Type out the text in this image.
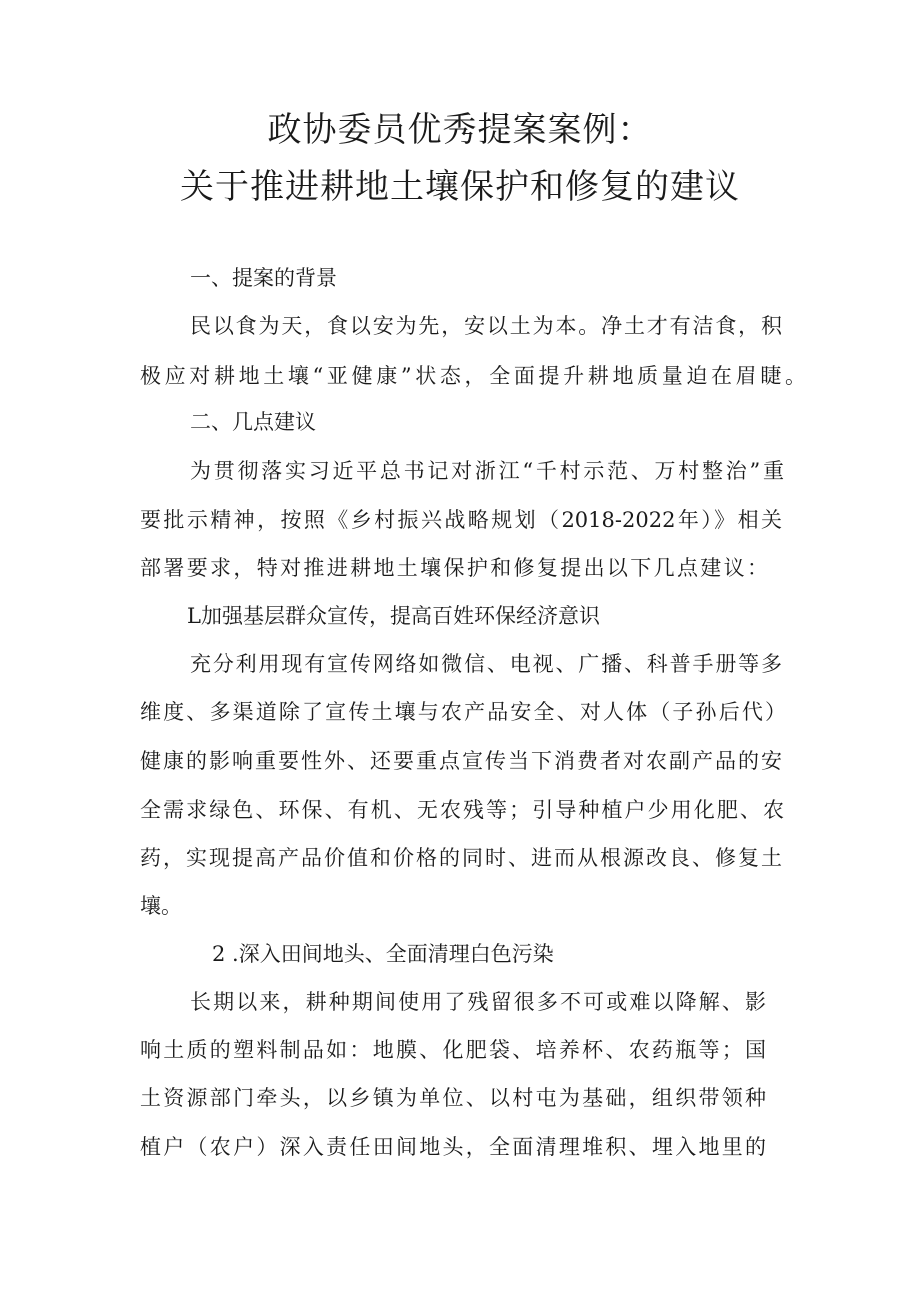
政协委员优秀提案案例：
关于推进耕地土壤保护和修复的建议
一、提案的背景
民以食为天，食以安为先，安以土为本。净土才有洁食，积
极应对耕地土壤“亚健康”状态，全面提升耕地质量迫在眉睫。
二、几点建议
为贯彻落实习近平总书记对浙江“千村示范、万村整治”重
要批示精神，按照《乡村振兴战略规划（2018-2022年）》相关
部署要求，特对推进耕地土壤保护和修复提出以下几点建议：
L加强基层群众宣传，提高百姓环保经济意识
充分利用现有宣传网络如微信、电视、广播、科普手册等多
维度、多渠道除了宣传土壤与农产品安全、对人体（子孙后代）
健康的影响重要性外、还要重点宣传当下消费者对农副产品的安
全需求绿色、环保、有机、无农残等；引导种植户少用化肥、农
药，实现提高产品价值和价格的同时、进而从根源改良、修复土
壤。
2 .深入田间地头、全面清理白色污染
长期以来，耕种期间使用了残留很多不可或难以降解、影
响土质的塑料制品如：地膜、化肥袋、培养杯、农药瓶等；国
土资源部门牵头，以乡镇为单位、以村屯为基础，组织带领种
植户（农户）深入责任田间地头，全面清理堆积、埋入地里的
